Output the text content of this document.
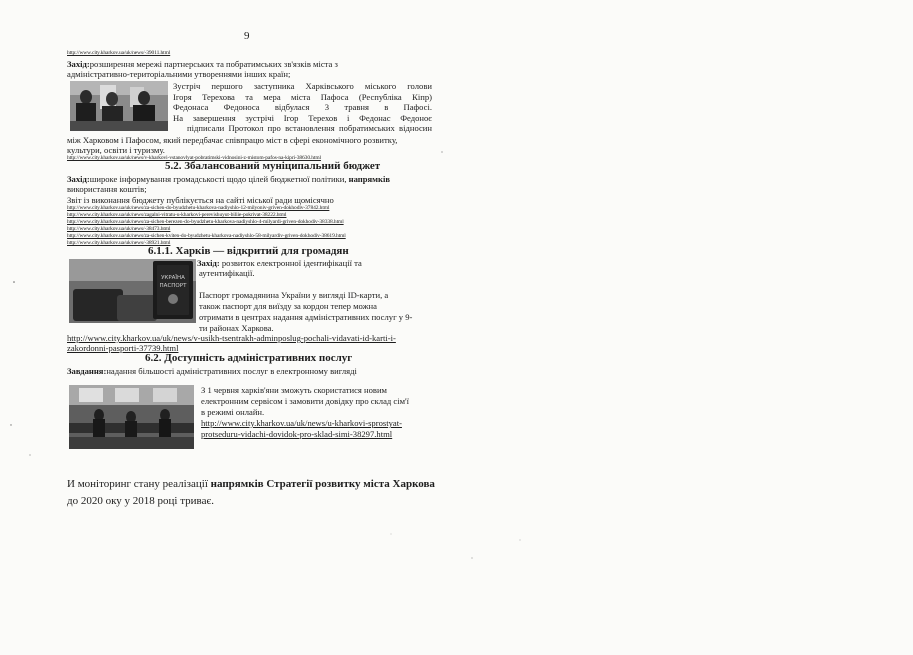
9
http://www.city.kharkov.ua/uk/news/-39011.html
Захід:розширення мережі партнерських та побратимських зв'язків міста з
адміністративно-територіальними утвореннями інших країн;
Зустріч першого заступника Харківського міського голови
Ігоря Терехова та мера міста Пафоса (Республіка Кіпр)
Федонаса Федоноса відбулася 3 травня в Пафосі.
На завершення зустрічі Ігор Терехов і Федонас Федоноє
підписали Протокол про встановлення побратимських відносин
між Харковом і Пафосом, який передбачає співпрацю міст в сфері економічного розвитку,
культури, освіти і туризму.
http://www.city.kharkov.ua/uk/news/v-kharkovi-vstanovlyat-pobratimski-vidnosini-z-mistom-pafos-na-kipri-38630.html
5.2. Збалансований муніципальний бюджет
Захід:широке інформування громадськості щодо цілей бюджетної політики, напрямків
використання коштів;
Звіт із виконання бюджету публікується на сайті міської ради щомісячно
http://www.city.kharkov.ua/uk/news/za-sichen-do-byudzhetu-kharkova-nadiyshlo-12-milyoniv-griven-dokhodiv-37842.html
http://www.city.kharkov.ua/uk/news/zagalni-vitratu-u-kharkovi-perevishuyut-biliie-pokrivat-38222.html
http://www.city.kharkov.ua/uk/news/za-sichen-berezen-do-byudzhetu-kharkova-nadiyshlo-4-milyardi-griven-dokhodiv-38338.html
http://www.city.kharkov.ua/uk/news/-38473.html
http://www.city.kharkov.ua/uk/news/za-sichen-kviten-do-byudzhetu-kharkova-nadiyshlo-58-milyardiv-griven-dokhodiv-38619.html
http://www.city.kharkov.ua/uk/news/-38921.html
6.1.1. Харків — відкритий для громадян
УКРАЇНА
ПАСПОРТ
Захід: розвиток електронної ідентифікації та
аутентифікації.
Паспорт громадянина України у вигляді ID-карти, а
також паспорт для виїзду за кордон тепер можна
отримати в центрах надання адміністративних послуг у 9-
ти районах Харкова.
http://www.city.kharkov.ua/uk/news/v-usikh-tsentrakh-adminposlug-pochali-vidavati-id-karti-i-
zakordonni-pasporti-37739.html
6.2. Доступність адміністративних послуг
Завдання:надання більшості адміністративних послуг в електронному вигляді
З 1 червня харків'яни зможуть скористатися новим
електронним сервісом і замовити довідку про склад сім'ї
в режимі онлайн.
http://www.city.kharkov.ua/uk/news/u-kharkovi-sprostyat-
protseduru-vidachi-dovidok-pro-sklad-simi-38297.html
И моніторинг стану реалізації напрямків Стратегії розвитку міста Харкова
до 2020 оку у 2018 році триває.
